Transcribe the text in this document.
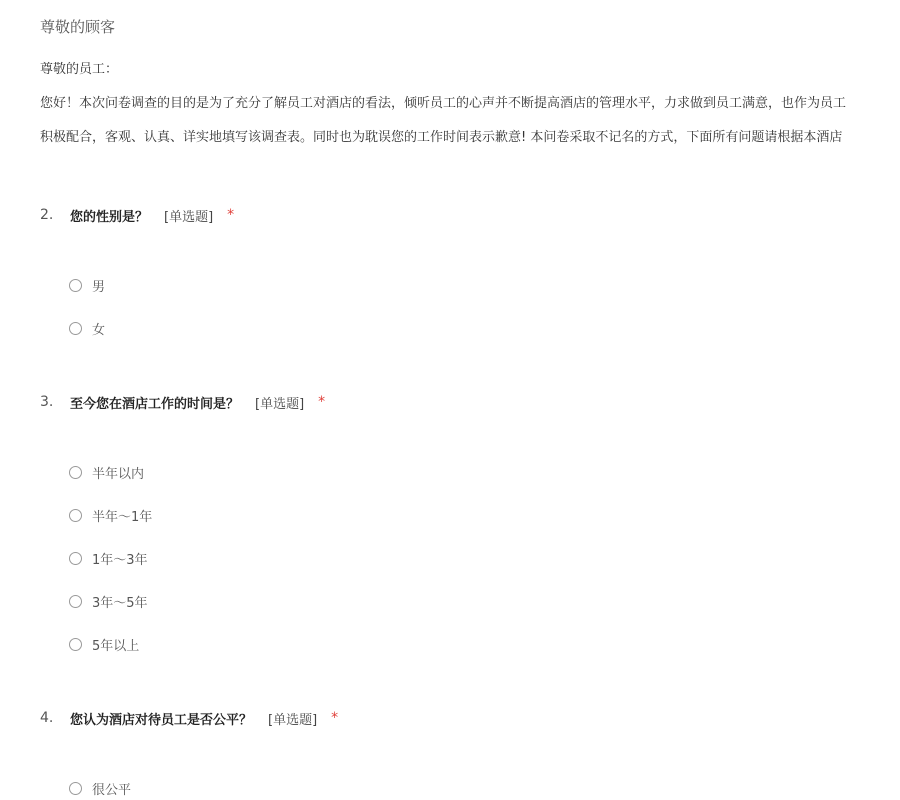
尊敬的顾客
尊敬的员工：
您好！本次问卷调查的目的是为了充分了解员工对酒店的看法，倾听员工的心声并不断提高酒店的管理水平，力求做到员工满意，也作为员工
积极配合，客观、认真、详实地填写该调查表。同时也为耽误您的工作时间表示歉意! 本问卷采取不记名的方式，下面所有问题请根据本酒店
2.	您的性别是？ [单选题] *
男
女
3.	至今您在酒店工作的时间是？ [单选题] *
半年以内
半年～1年
1年～3年
3年～5年
5年以上
4.	您认为酒店对待员工是否公平？ [单选题] *
很公平
